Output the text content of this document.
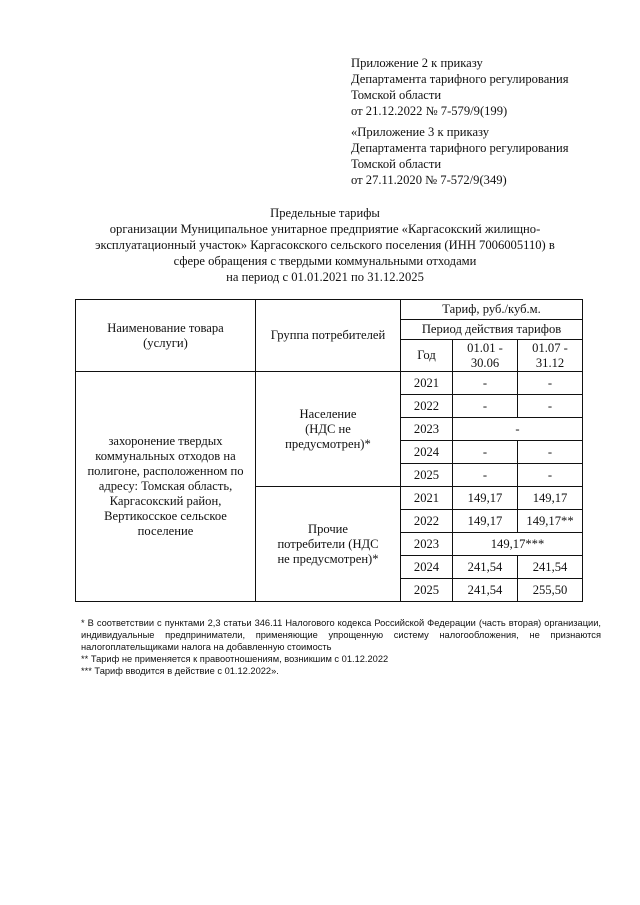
Приложение 2 к приказу
Департамента тарифного регулирования
Томской области
от 21.12.2022 № 7-579/9(199)
«Приложение 3 к приказу
Департамента тарифного регулирования
Томской области
от 27.11.2020 № 7-572/9(349)
Предельные тарифы
организации Муниципальное унитарное предприятие «Каргасокский жилищно-
эксплуатационный участок» Каргасокского сельского поселения (ИНН 7006005110) в
сфере обращения с твердыми коммунальными отходами
на период с 01.01.2021 по 31.12.2025
Наименование товара (услуги)	Группа потребителей	Тариф, руб./куб.м.		
		Период действия тарифов		
		Год	01.01 - 30.06	01.07 - 31.12
захоронение твердых коммунальных отходов на полигоне, расположенном по адресу: Томская область, Каргасокский район, Вертикосское сельское поселение	Население (НДС не предусмотрен)*	2021	-	-
		2022	-	-
		2023	-	
		2024	-	-
		2025	-	-
	Прочие потребители (НДС не предусмотрен)*	2021	149,17	149,17
		2022	149,17	149,17**
		2023	149,17***	
		2024	241,54	241,54
		2025	241,54	255,50
* В соответствии с пунктами 2,3 статьи 346.11 Налогового кодекса Российской Федерации (часть вторая) организации, индивидуальные предприниматели, применяющие упрощенную систему налогообложения, не признаются налогоплательщиками налога на добавленную стоимость
** Тариф не применяется к правоотношениям, возникшим с 01.12.2022
*** Тариф вводится в действие с 01.12.2022».
